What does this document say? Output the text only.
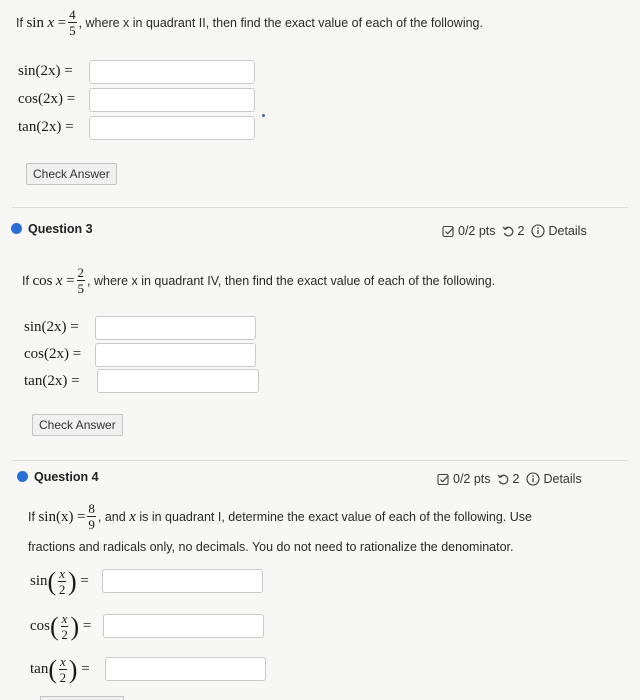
If
sin
x
= $\frac{4}{5}$ , where x in quadrant II, then find the exact value of each of the following.
sin(2x) =
cos(2x) =
tan(2x) =
Check Answer
Question 3	0/2 pts 2 Details
If
cos
x
= $\frac{2}{5}$ , where x in quadrant IV, then find the exact value of each of the following.
sin(2x) =
cos(2x) =
tan(2x) =
Check Answer
Question 4	0/2 pts 2 Details
If
sin (x)
= $\frac{8}{9}$ , and
x
is in quadrant I, determine the exact value of each of the following. Use
fractions and radicals only, no decimals. You do not need to rationalize the denominator.
sin ( $\frac{x}{2}$ )
=
cos ( $\frac{x}{2}$ )
=
tan ( $\frac{x}{2}$ )
=
